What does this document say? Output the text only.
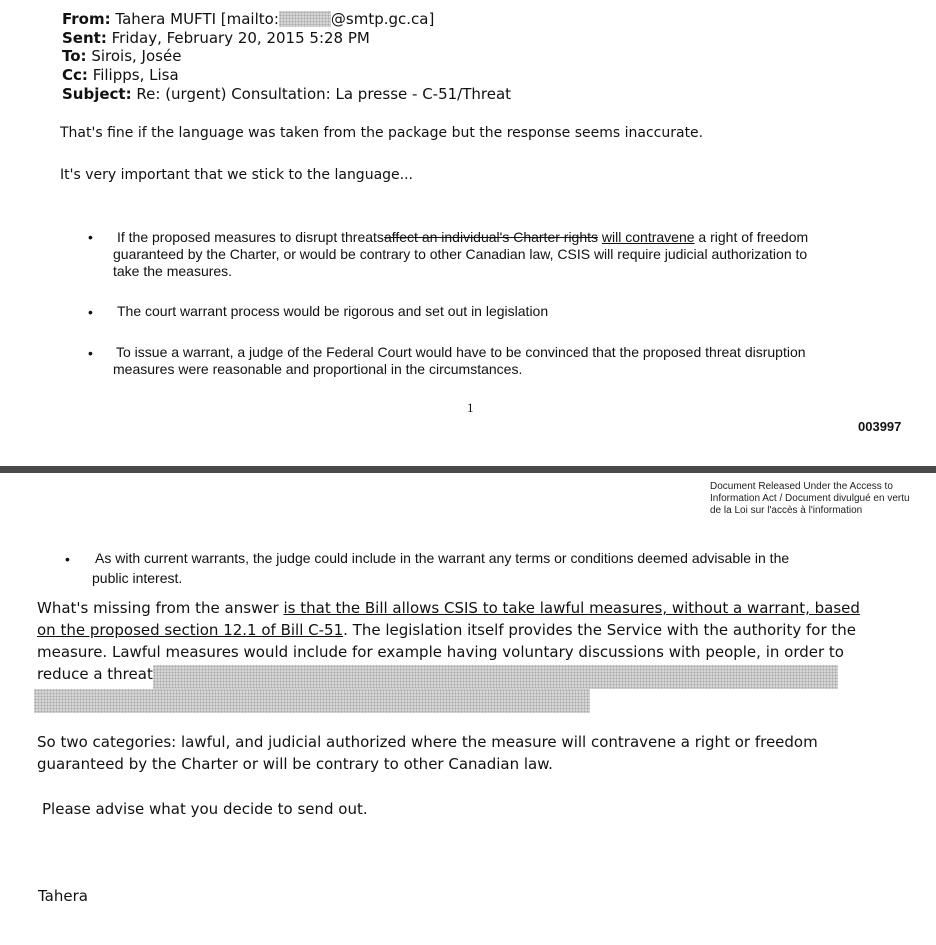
From: Tahera MUFTI [mailto:	@smtp.gc.ca]
Sent: Friday, February 20, 2015 5:28 PM
To: Sirois, Josée
Cc: Filipps, Lisa
Subject: Re: (urgent) Consultation: La presse - C-51/Threat
That's fine if the language was taken from the package but the response seems inaccurate.
It's very important that we stick to the language...
• If the proposed measures to disrupt threatsaffect an individual's Charter rights will contravene a right of freedom
guaranteed by the Charter, or would be contrary to other Canadian law, CSIS will require judicial authorization to
take the measures.
• The court warrant process would be rigorous and set out in legislation
• To issue a warrant, a judge of the Federal Court would have to be convinced that the proposed threat disruption
measures were reasonable and proportional in the circumstances.
1
003997
Document Released Under the Access to
Information Act / Document divulgué en vertu
de la Loi sur l'accès à l'information
• As with current warrants, the judge could include in the warrant any terms or conditions deemed advisable in the
public interest.
What's missing from the answer is that the Bill allows CSIS to take lawful measures, without a warrant, based
on the proposed section 12.1 of Bill C-51. The legislation itself provides the Service with the authority for the
measure. Lawful measures would include for example having voluntary discussions with people, in order to
reduce a threat
So two categories: lawful, and judicial authorized where the measure will contravene a right or freedom
guaranteed by the Charter or will be contrary to other Canadian law.
Please advise what you decide to send out.
Tahera
